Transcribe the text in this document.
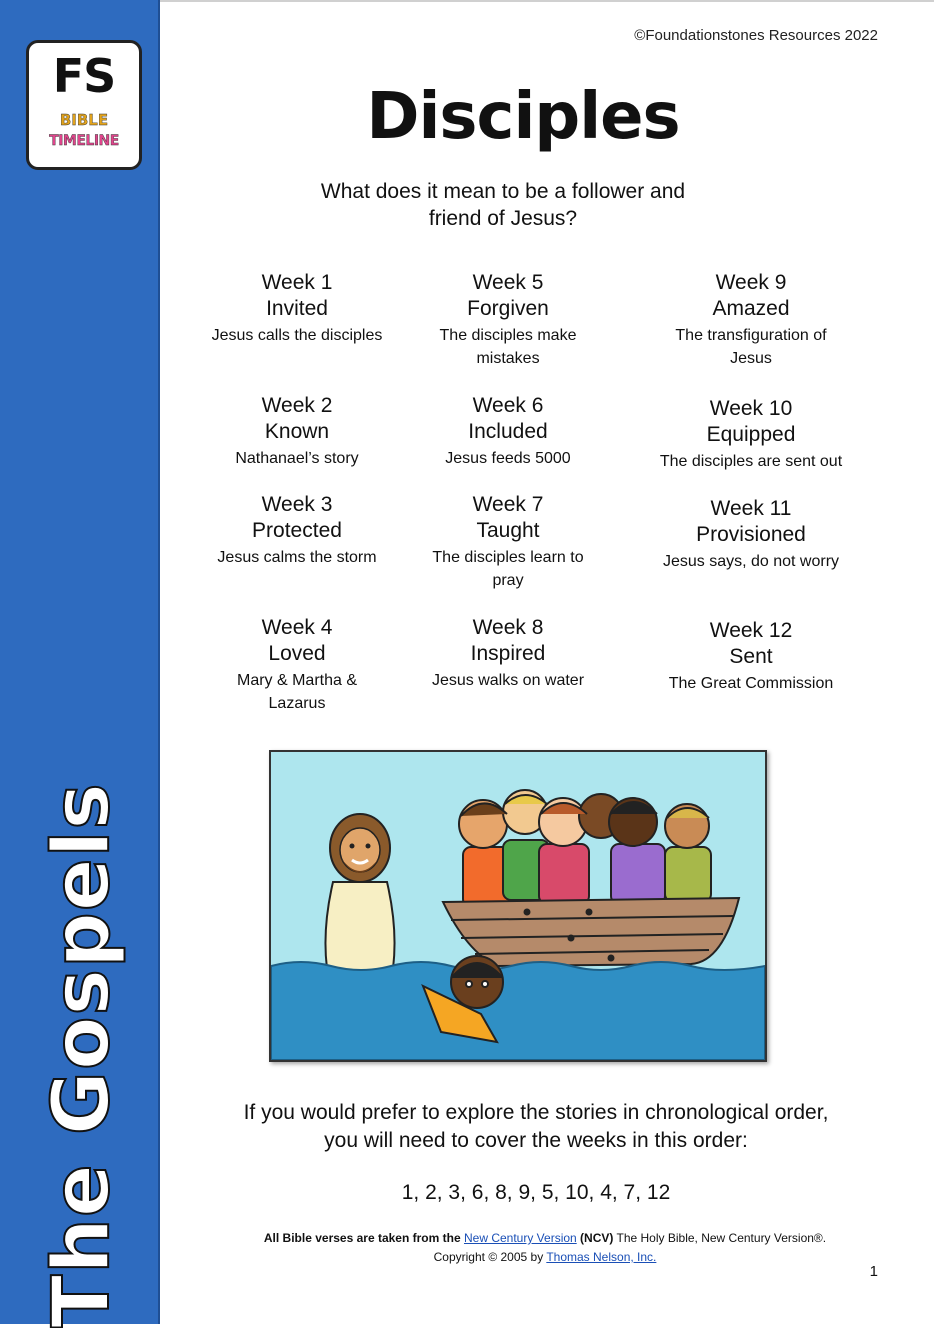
FS
BIBLE
TIMELINE
The Gospels
©Foundationstones Resources 2022
Disciples
What does it mean to be a follower and
friend of Jesus?
Week 1
Invited
Jesus calls the disciples
Week 2
Known
Nathanael’s story
Week 3
Protected
Jesus calms the storm
Week 4
Loved
Mary & Martha &
Lazarus
Week 5
Forgiven
The disciples make
mistakes
Week 6
Included
Jesus feeds 5000
Week 7
Taught
The disciples learn to
pray
Week 8
Inspired
Jesus walks on water
Week 9
Amazed
The transfiguration of
Jesus
Week 10
Equipped
The disciples are sent out
Week 11
Provisioned
Jesus says, do not worry
Week 12
Sent
The Great Commission
If you would prefer to explore the stories in chronological order,
you will need to cover the weeks in this order:
1, 2, 3, 6, 8, 9, 5, 10, 4, 7, 12
All Bible verses are taken from the New Century Version (NCV) The Holy Bible, New Century Version®.
Copyright © 2005 by Thomas Nelson, Inc.
1
